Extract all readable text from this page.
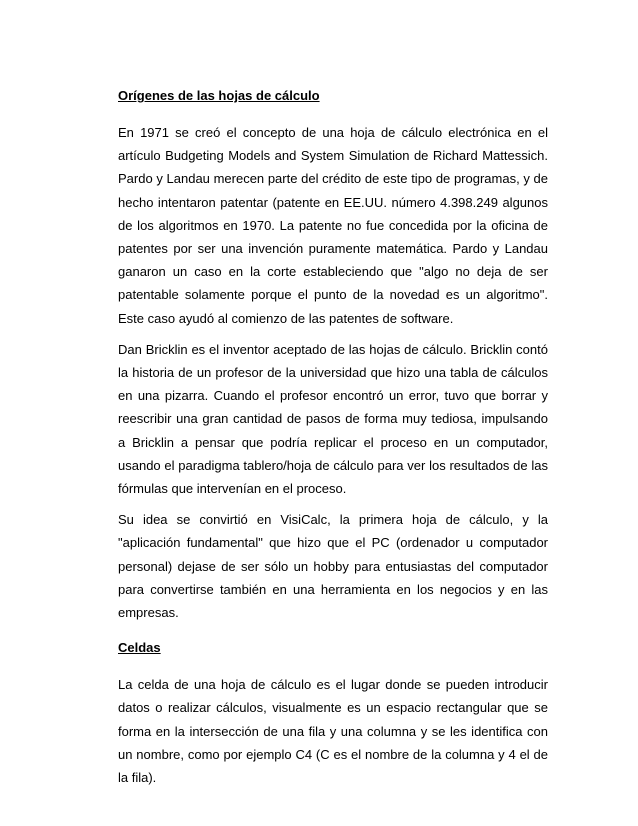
Orígenes de las hojas de cálculo

En 1971 se creó el concepto de una hoja de cálculo electrónica en el artículo Budgeting Models and System Simulation de Richard Mattessich. Pardo y Landau merecen parte del crédito de este tipo de programas, y de hecho intentaron patentar (patente en EE.UU. número 4.398.249 algunos de los algoritmos en 1970. La patente no fue concedida por la oficina de patentes por ser una invención puramente matemática. Pardo y Landau ganaron un caso en la corte estableciendo que "algo no deja de ser patentable solamente porque el punto de la novedad es un algoritmo". Este caso ayudó al comienzo de las patentes de software.

Dan Bricklin es el inventor aceptado de las hojas de cálculo. Bricklin contó la historia de un profesor de la universidad que hizo una tabla de cálculos en una pizarra. Cuando el profesor encontró un error, tuvo que borrar y reescribir una gran cantidad de pasos de forma muy tediosa, impulsando a Bricklin a pensar que podría replicar el proceso en un computador, usando el paradigma tablero/hoja de cálculo para ver los resultados de las fórmulas que intervenían en el proceso.

Su idea se convirtió en VisiCalc, la primera hoja de cálculo, y la "aplicación fundamental" que hizo que el PC (ordenador u computador personal) dejase de ser sólo un hobby para entusiastas del computador para convertirse también en una herramienta en los negocios y en las empresas.

Celdas

La celda de una hoja de cálculo es el lugar donde se pueden introducir datos o realizar cálculos, visualmente es un espacio rectangular que se forma en la intersección de una fila y una columna y se les identifica con un nombre, como por ejemplo C4 (C es el nombre de la columna y 4 el de la fila).
